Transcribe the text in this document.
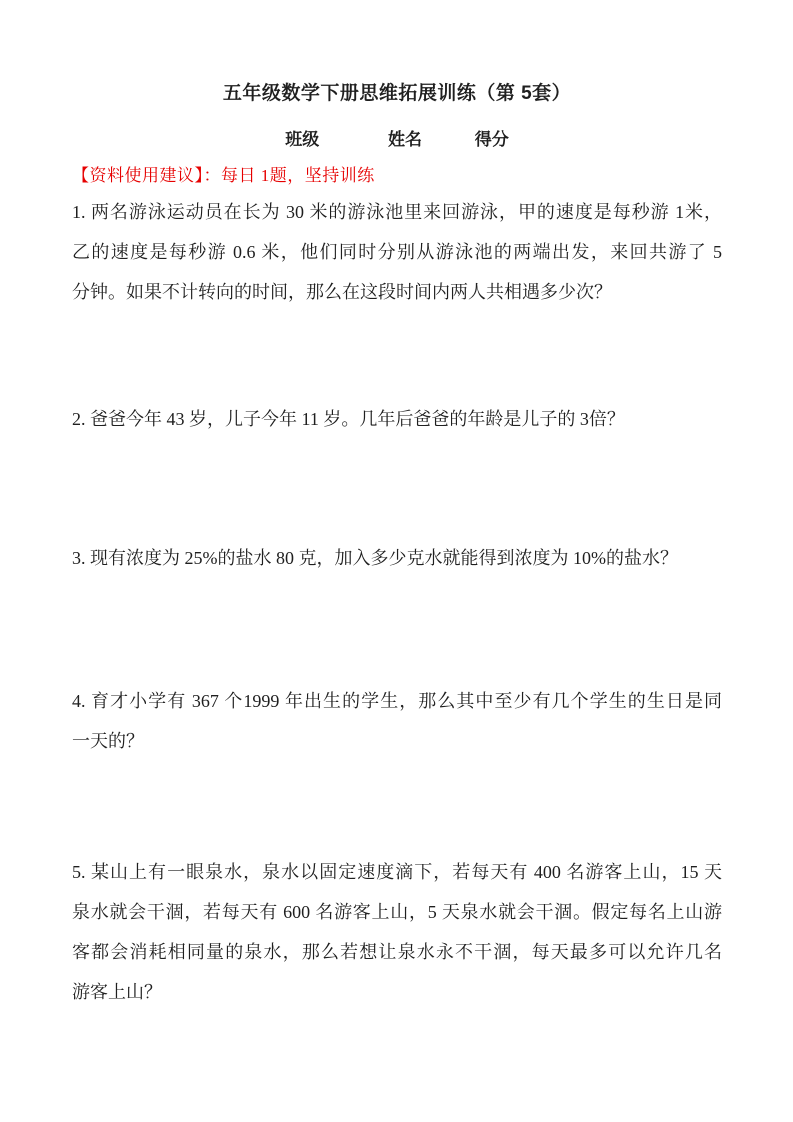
五年级数学下册思维拓展训练（第 5套）
班级	姓名	得分

【资料使用建议】：每日 1题，坚持训练

1. 两名游泳运动员在长为 30 米的游泳池里来回游泳，甲的速度是每秒游 1米，
乙的速度是每秒游 0.6 米，他们同时分别从游泳池的两端出发，来回共游了 5
分钟。如果不计转向的时间，那么在这段时间内两人共相遇多少次？
2. 爸爸今年 43 岁，儿子今年 11 岁。几年后爸爸的年龄是儿子的 3倍？
3. 现有浓度为 25%的盐水 80 克，加入多少克水就能得到浓度为 10%的盐水？
4. 育才小学有 367 个1999 年出生的学生，那么其中至少有几个学生的生日是同
一天的？
5. 某山上有一眼泉水，泉水以固定速度滴下，若每天有 400 名游客上山，15 天
泉水就会干涸，若每天有 600 名游客上山，5 天泉水就会干涸。假定每名上山游
客都会消耗相同量的泉水，那么若想让泉水永不干涸，每天最多可以允许几名
游客上山？
